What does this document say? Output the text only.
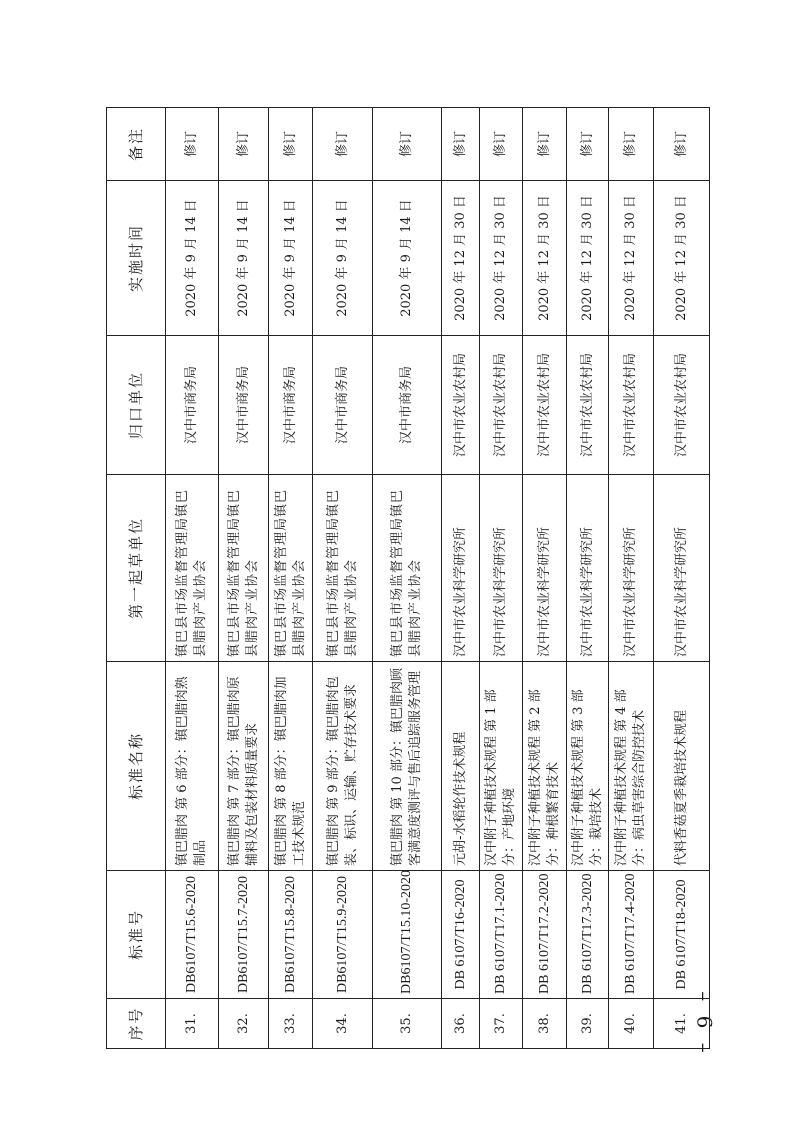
– 6 –
序号	标准号	标准名称	第一起草单位	归口单位	实施时间	备注
31.	DB6107/T15.6-2020	镇巴腊肉 第 6 部分：镇巴腊肉熟制品	镇巴县市场监督管理局镇巴县腊肉产业协会	汉中市商务局	2020 年 9 月 14 日	修订
32.	DB6107/T15.7-2020	镇巴腊肉 第 7 部分：镇巴腊肉原辅料及包装材料质量要求	镇巴县市场监督管理局镇巴县腊肉产业协会	汉中市商务局	2020 年 9 月 14 日	修订
33.	DB6107/T15.8-2020	镇巴腊肉 第 8 部分：镇巴腊肉加工技术规范	镇巴县市场监督管理局镇巴县腊肉产业协会	汉中市商务局	2020 年 9 月 14 日	修订
34.	DB6107/T15.9-2020	镇巴腊肉 第 9 部分：镇巴腊肉包装、标识、运输、贮存技术要求	镇巴县市场监督管理局镇巴县腊肉产业协会	汉中市商务局	2020 年 9 月 14 日	修订
35.	DB6107/T15.10-2020	镇巴腊肉 第 10 部分：镇巴腊肉顾客满意度测评与售后追踪服务管理	镇巴县市场监督管理局镇巴县腊肉产业协会	汉中市商务局	2020 年 9 月 14 日	修订
36.	DB 6107/T16-2020	元胡-水稻轮作技术规程	汉中市农业科学研究所	汉中市农业农村局	2020 年 12 月 30 日	修订
37.	DB 6107/T17.1-2020	汉中附子种植技术规程 第 1 部分：产地环境	汉中市农业科学研究所	汉中市农业农村局	2020 年 12 月 30 日	修订
38.	DB 6107/T17.2-2020	汉中附子种植技术规程 第 2 部分：种根繁育技术	汉中市农业科学研究所	汉中市农业农村局	2020 年 12 月 30 日	修订
39.	DB 6107/T17.3-2020	汉中附子种植技术规程 第 3 部分：栽培技术	汉中市农业科学研究所	汉中市农业农村局	2020 年 12 月 30 日	修订
40.	DB 6107/T17.4-2020	汉中附子种植技术规程 第 4 部分：病虫草害综合防控技术	汉中市农业科学研究所	汉中市农业农村局	2020 年 12 月 30 日	修订
41.	DB 6107/T18-2020	代料香菇夏季栽培技术规程	汉中市农业科学研究所	汉中市农业农村局	2020 年 12 月 30 日	修订
